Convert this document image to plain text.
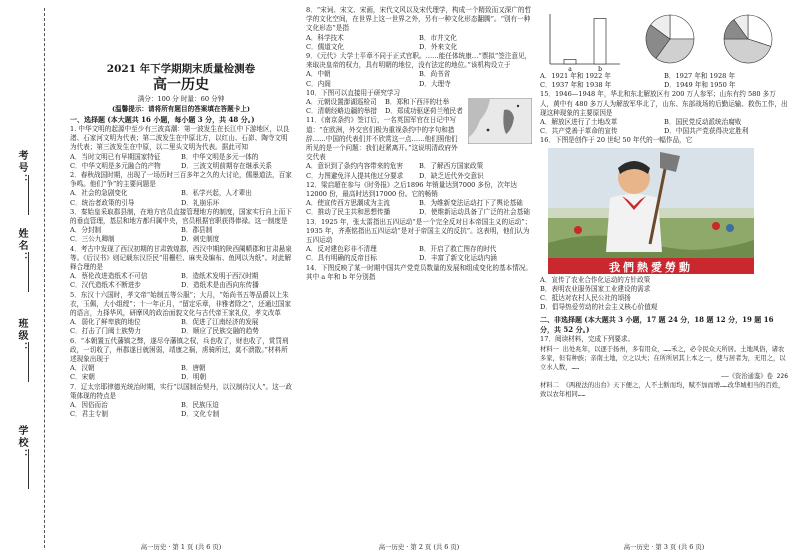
考号：
姓名：
班级：
学校：
2021 年下学期期末质量检测卷
高一历史
满分：100 分 时量：60 分钟
(温馨提示：请将所有题目的答案填在答题卡上)
一、选择题 (本大题共 16 小题，每小题 3 分，共 48 分。)

1. 中华文明的起源中至少有三波高潮：第一波发生在长江中下游地区，以良渚、石家河文明为代表；第二波发生在中原北方，以红山、石峁、陶寺文明为代表；第三波发生在中原，以二里头文明为代表。据此可知

A．当时文明已有早期国家特征	B．中华文明是多元一体的
C．中华文明是多元融合的产物	D．三波文明前期存在继承关系

2．春秋战国时期，出现了一场历时三百多年之久的大讨论，儒墨道法，百家争鸣。他们“争”的主要问题是

A．社会的急剧变化	B．私学兴起，人才辈出
C．统治者政策的引导	D．礼崩乐坏

3．秦始皇采取郡县制，在地方官员直接管理地方的制度，国家实行自上而下的垂直管理，基层和地方都归属中央，官员根据官职获得俸禄。这一制度是

A．分封制	B．郡县制
C．三公九卿制	D．刺史制度

4．考古中发现了西汉初期的甘肃敦煌郡，西汉中期的陕西阑帻郡和甘肃悬泉等。《后汉书》则记载东汉臣民“用栅栏、麻夹及编布、鱼网以为纸”。对此解释合理的是

A．蔡伦改进造纸术不可信	B．造纸术发明于西汉时期
C．汉代造纸术不断进步	D．造纸术是由西向东传播

5．东汉十六国时，孝文帝“始制五等公服”；大月，“始尚书五等品爵以上朱衣，玉佩，大小组绶”；十一年正月，“留定乐章，非雅者除之”，还通过国家的语言，力择华风，研摩风的政治面貌文化与古代帝王家礼仪，孝文改革

A．弱化了鲜卑族的地位	B．促进了江南经济的发展
C．打击了门阀士族势力	D．顺应了民族交融的趋势

6．“本朝置五代藩镇之弊，遂尽夺藩镇之权，兵也收了，财也收了，赏罚刑政，一切收了，州郡遂日就困弱，靖康之祸，虏骑所过，莫不溃散。”材料所述现象出现于

A．汉朝	B．唐朝
C．宋朝	D．明朝

7．辽太宗耶律德光统治时期，实行“以国制治契丹，以汉制待汉人”。这一政策体现的特点是

A．因俗而治	B．民族压迫
C．君主专制	D．文化专制
高一历史 · 第 1 页 (共 6 页)

8．“宋词、宋文、宋画，宋代文风以及宋代理学，构成一个精致而又深广的哲学的文化空间，在世界上这一世界之外，另有一种文化形态翻腾”。“别有一种文化形态”是指

A．科学技术	B．市井文化
C．儒道文化	D．外来文化

9．《元代》大学士平章不同于正式官职。……能任体统康…“票拟”签注意见，来取决皇帝的权力，具有明朝的地位，没有法定的地位。”该机构设立于

A．中朝	B．尚书省
C．内阁	D．大理寺

10．下图可以直接用于研究学习

A．元朝设置澎湖巡检司	B．郑和下西洋的壮举
C．清朝经略边疆的举措	D．郑成功驱逐荷兰殖民者

11．《南京条约》签订后，一名英国军官在日记中写道：“在欧洲，外交官们极为重视条约中的字句和措辞……中国的代表们并不欣赏这一点……他们照他们所见的是一个问题：我们赶紧离开。”这说明清政府外交代表

A．意识到了条约内容带来的危害	B．了解西方国家政策
C．力图避免洋人提其他过分要求	D．缺乏近代外交意识

12．梁启超在参与《时务报》之后1896 年销量达到7000 多份，次年达12000 份，最高时达到17000 份。它的畅销

A．使宣传西方思潮成为主流	B．为维新变法运动打下了舆论基础
C．推动了民主共和思想传播	D．使维新运动具备了广泛的社会基础

13．1925 年，张太雷指出五四运动“是一个完全反对日本帝国主义的运动”；1935 年，齐燕铭指出五四运动“是对于帝国主义的反抗”。这表明，他们认为五四运动

A．反对建色彩非不清理	B．开启了救亡图存的时代
C．具有明确的反帝目标	D．丰富了新文化运动内涵

14．下图反映了某一时期中国共产党党员数量的发展和组成变化的基本情况。其中 a 年和 b 年分别指

高一历史 · 第 2 页 (共 6 页)
a	b
A．1921 年和 1922 年	B．1927 年和 1928 年
C．1937 年和 1938 年	D．1949 年和 1950 年

15．1946—1948 年，华北和东北解放区有 200 万人参军；山东有约 580 多万人，黄中有 480 多万人为解放军华北了，山东、东部战场的后勤运输、救伤工作，出现这种现象的主要原因是

A．解放区进行了土地改革	B．国民党反动派统治腐败
C．共产党善于革命的宣传	D．中国共产党获得决定胜利

16．下图是创作于 20 世纪 50 年代的一幅作品，它

我們熱愛勞動
A．宣传了农业合作化运动的方针政策
B．表明农业服务国家工业建设的需求
C．抵达对农村人民公社的颂扬
D．倡导热爱劳动的社会主义核心价值观
二、非选择题 (本大题共 3 小题，17 题 24 分，18 题 12 分，19 题 16 分，共 52 分。)

17．阅读材料，完成下列要求。

材料一 出处兆年，以逐于扬州，多有用众，……禾之，必令民众天所居。土地风俗，诸农多家，但有种族；亲南土地，立之以夫；在所所居其上本之一，使与居者为，无用之，以立水人数，……

——《资治通鉴》卷 226

材料二 《两税法的出台》天下便之，人不土断而均，赋不加而增……改华城相当的百姓，致以农年相同……

高一历史 · 第 3 页 (共 6 页)
